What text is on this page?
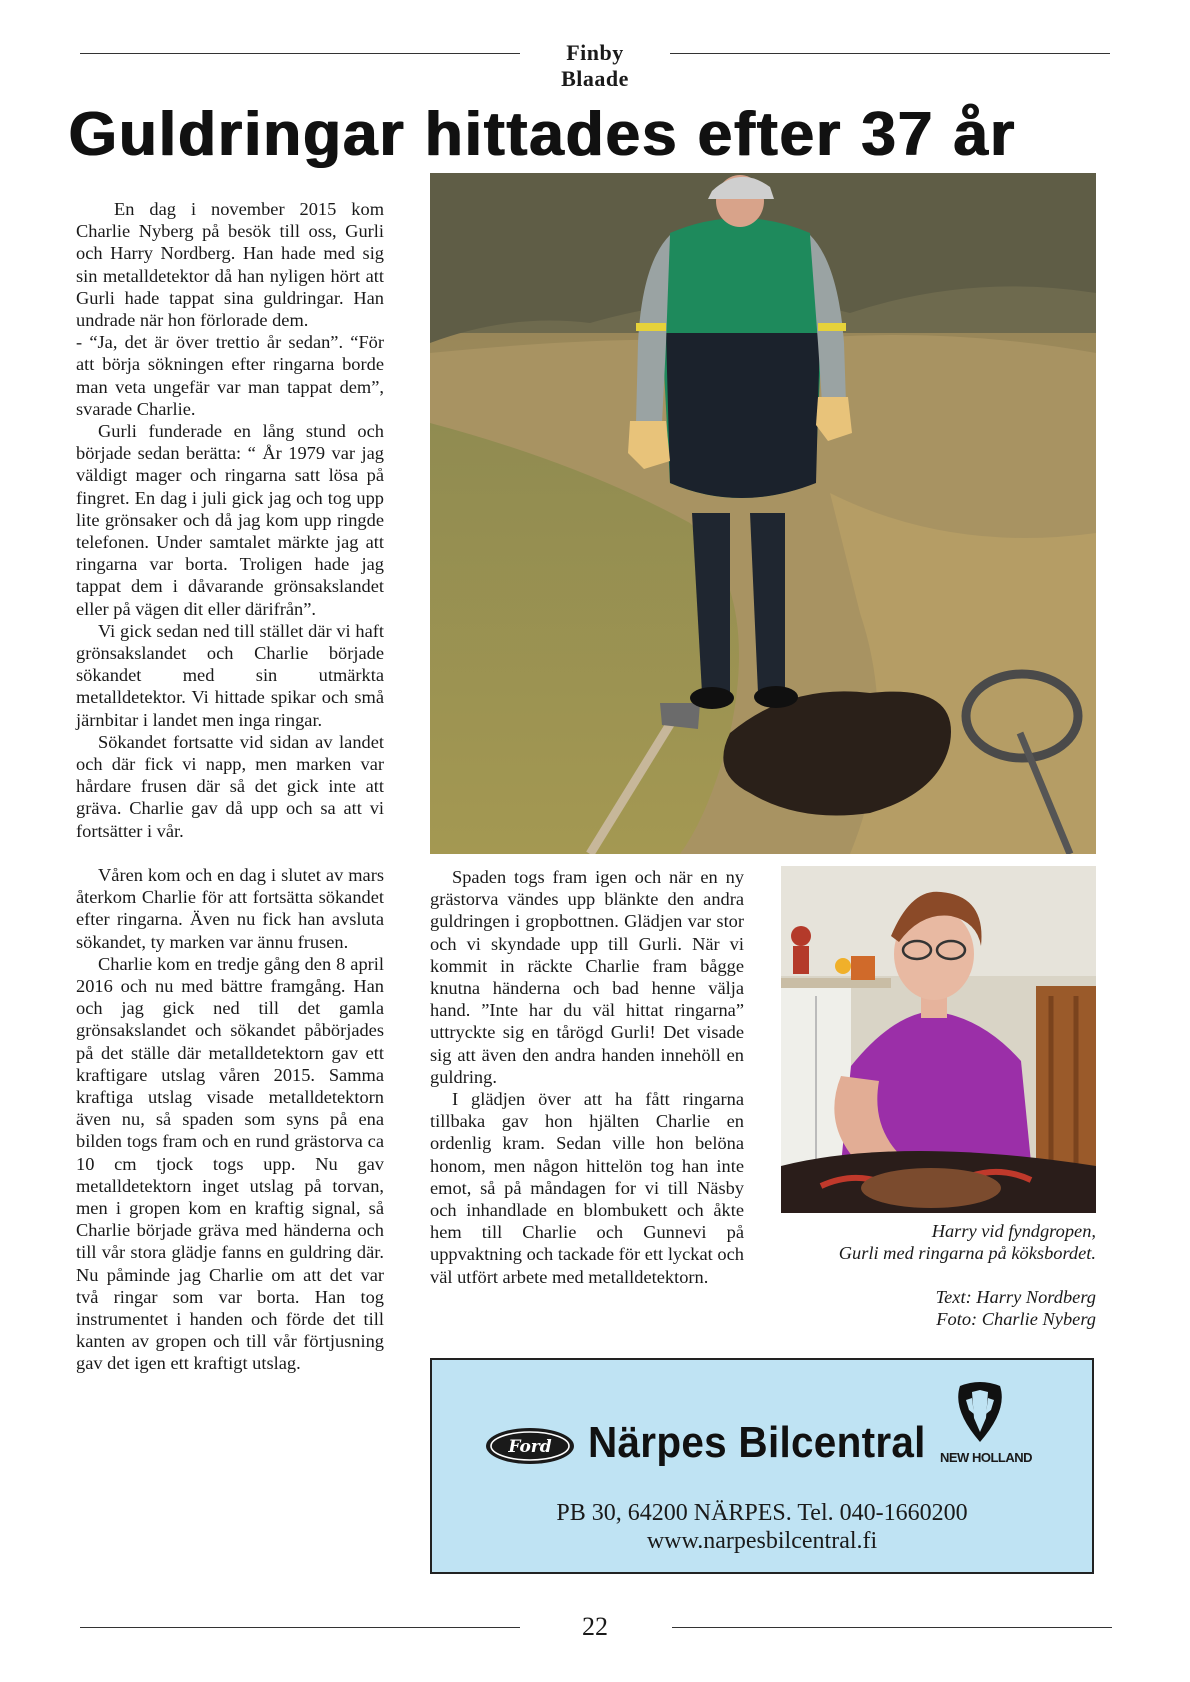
Finby Blaade
Guldringar hittades efter 37 år

En dag i november 2015 kom Charlie Nyberg på besök till oss, Gurli och Harry Nordberg. Han hade med sig sin metalldetektor då han nyligen hört att Gurli hade tappat sina guldringar. Han undrade när hon förlorade dem.

- “Ja, det är över trettio år sedan”. “För att börja sökningen efter ringarna borde man veta ungefär var man tappat dem”, svarade Charlie.

Gurli funderade en lång stund och började sedan berätta: “ År 1979 var jag väldigt mager och ringarna satt lösa på fingret. En dag i juli gick jag och tog upp lite grönsaker och då jag kom upp ringde telefonen. Under samtalet märkte jag att ringarna var borta. Troligen hade jag tappat dem i dåvarande grönsakslandet eller på vägen dit eller därifrån”.

Vi gick sedan ned till stället där vi haft grönsakslandet och Charlie började sökandet med sin utmärkta metalldetektor. Vi hittade spikar och små järnbitar i landet men inga ringar.

Sökandet fortsatte vid sidan av landet och där fick vi napp, men marken var hårdare frusen där så det gick inte att gräva. Charlie gav då upp och sa att vi fortsätter i vår.

Våren kom och en dag i slutet av mars återkom Charlie för att fortsätta sökandet efter ringarna. Även nu fick han avsluta sökandet, ty marken var ännu frusen.

Charlie kom en tredje gång den 8 april 2016 och nu med bättre framgång. Han och jag gick ned till det gamla grönsakslandet och sökandet påbörjades på det ställe där metalldetektorn gav ett kraftigare utslag våren 2015. Samma kraftiga utslag visade metalldetektorn även nu, så spaden som syns på ena bilden togs fram och en rund grästorva ca 10 cm tjock togs upp. Nu gav metalldetektorn inget utslag på torvan, men i gropen kom en kraftig signal, så Charlie började gräva med händerna och till vår stora glädje fanns en guldring där. Nu påminde jag Charlie om att det var två ringar som var borta. Han tog instrumentet i handen och förde det till kanten av gropen och till vår förtjusning gav det igen ett kraftigt utslag.

Spaden togs fram igen och när en ny grästorva vändes upp blänkte den andra guldringen i gropbottnen. Glädjen var stor och vi skyndade upp till Gurli. När vi kommit in räckte Charlie fram bågge knutna händerna och bad henne välja hand. ”Inte har du väl hittat ringarna” uttryckte sig en tårögd Gurli! Det visade sig att även den andra handen innehöll en guldring.

I glädjen över att ha fått ringarna tillbaka gav hon hjälten Charlie en ordenlig kram. Sedan ville hon belöna honom, men någon hittelön tog han inte emot, så på måndagen for vi till Näsby och inhandlade en blombukett och åkte hem till Charlie och Gunnevi på uppvaktning och tackade för ett lyckat och väl utfört arbete med metalldetektorn.

Harry vid fyndgropen,
Gurli med ringarna på köksbordet.
Text: Harry Nordberg
Foto: Charlie Nyberg
Ford Närpes Bilcentral NEW HOLLAND
PB 30, 64200 NÄRPES. Tel. 040-1660200
www.narpesbilcentral.fi
22
